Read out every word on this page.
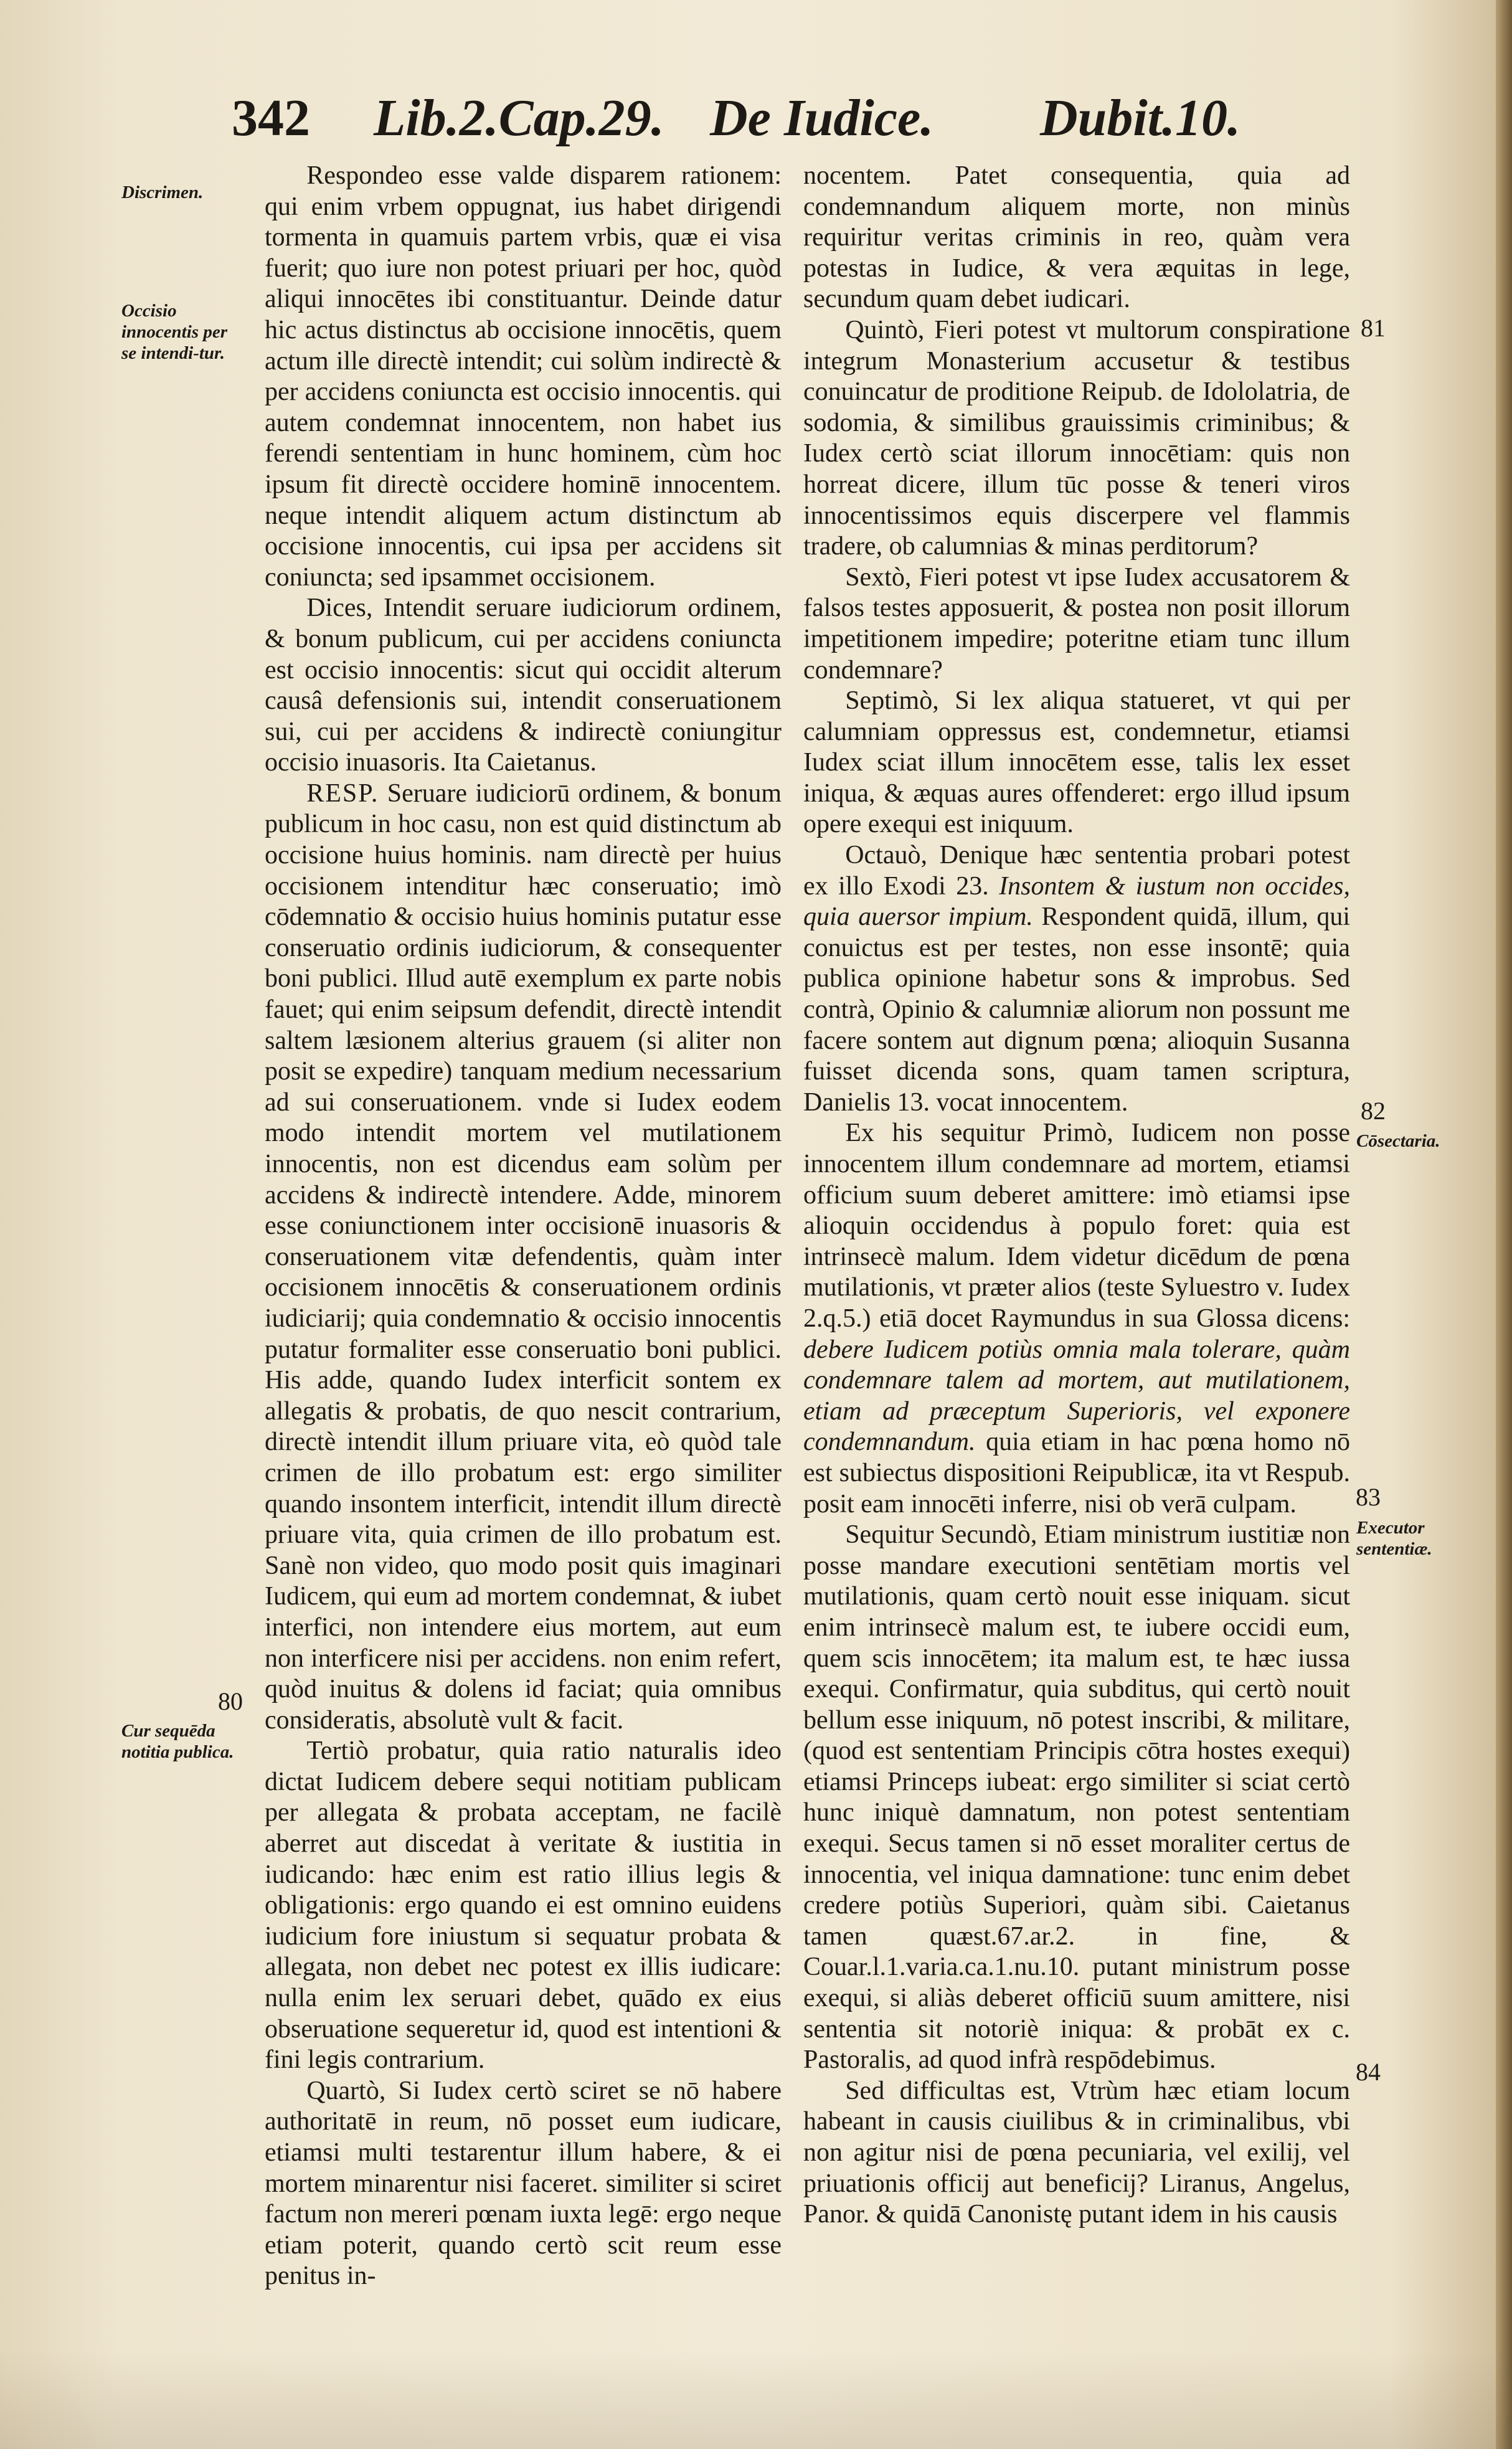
342 Lib.2.Cap.29. De Iudice. Dubit.10.

Respondeo esse valde disparem rationem: qui enim vrbem oppugnat, ius habet dirigendi tormenta in quamuis partem vrbis, quæ ei visa fuerit; quo iure non potest priuari per hoc, quòd aliqui innocētes ibi constituantur. Deinde datur hic actus distinctus ab occisione innocētis, quem actum ille directè intendit; cui solùm indirectè & per accidens coniuncta est occisio innocentis. qui autem condemnat innocentem, non habet ius ferendi sententiam in hunc hominem, cùm hoc ipsum fit directè occidere hominē innocentem. neque intendit aliquem actum distinctum ab occisione innocentis, cui ipsa per accidens sit coniuncta; sed ipsammet occisionem.

Dices, Intendit seruare iudiciorum ordinem, & bonum publicum, cui per accidens coniuncta est occisio innocentis: sicut qui occidit alterum causâ defensionis sui, intendit conseruationem sui, cui per accidens & indirectè coniungitur occisio inuasoris. Ita Caietanus.

RESP. Seruare iudiciorū ordinem, & bonum publicum in hoc casu, non est quid distinctum ab occisione huius hominis. nam directè per huius occisionem intenditur hæc conseruatio; imò cōdemnatio & occisio huius hominis putatur esse conseruatio ordinis iudiciorum, & consequenter boni publici. Illud autē exemplum ex parte nobis fauet; qui enim seipsum defendit, directè intendit saltem læsionem alterius grauem (si aliter non posit se expedire) tanquam medium necessarium ad sui conseruationem. vnde si Iudex eodem modo intendit mortem vel mutilationem innocentis, non est dicendus eam solùm per accidens & indirectè intendere. Adde, minorem esse coniunctionem inter occisionē inuasoris & conseruationem vitæ defendentis, quàm inter occisionem innocētis & conseruationem ordinis iudiciarij; quia condemnatio & occisio innocentis putatur formaliter esse conseruatio boni publici. His adde, quando Iudex interficit sontem ex allegatis & probatis, de quo nescit contrarium, directè intendit illum priuare vita, eò quòd tale crimen de illo probatum est: ergo similiter quando insontem interficit, intendit illum directè priuare vita, quia crimen de illo probatum est. Sanè non video, quo modo posit quis imaginari Iudicem, qui eum ad mortem condemnat, & iubet interfici, non intendere eius mortem, aut eum non interficere nisi per accidens. non enim refert, quòd inuitus & dolens id faciat; quia omnibus consideratis, absolutè vult & facit.

Tertiò probatur, quia ratio naturalis ideo dictat Iudicem debere sequi notitiam publicam per allegata & probata acceptam, ne facilè aberret aut discedat à veritate & iustitia in iudicando: hæc enim est ratio illius legis & obligationis: ergo quando ei est omnino euidens iudicium fore iniustum si sequatur probata & allegata, non debet nec potest ex illis iudicare: nulla enim lex seruari debet, quādo ex eius obseruatione sequeretur id, quod est intentioni & fini legis contrarium.

Quartò, Si Iudex certò sciret se nō habere authoritatē in reum, nō posset eum iudicare, etiamsi multi testarentur illum habere, & ei mortem minarentur nisi faceret. similiter si sciret factum non mereri pœnam iuxta legē: ergo neque etiam poterit, quando certò scit reum esse penitus in-

nocentem. Patet consequentia, quia ad condemnandum aliquem morte, non minùs requiritur veritas criminis in reo, quàm vera potestas in Iudice, & vera æquitas in lege, secundum quam debet iudicari.

Quintò, Fieri potest vt multorum conspiratione integrum Monasterium accusetur & testibus conuincatur de proditione Reipub. de Idololatria, de sodomia, & similibus grauissimis criminibus; & Iudex certò sciat illorum innocētiam: quis non horreat dicere, illum tūc posse & teneri viros innocentissimos equis discerpere vel flammis tradere, ob calumnias & minas perditorum?

Sextò, Fieri potest vt ipse Iudex accusatorem & falsos testes apposuerit, & postea non posit illorum impetitionem impedire; poteritne etiam tunc illum condemnare?

Septimò, Si lex aliqua statueret, vt qui per calumniam oppressus est, condemnetur, etiamsi Iudex sciat illum innocētem esse, talis lex esset iniqua, & æquas aures offenderet: ergo illud ipsum opere exequi est iniquum.

Octauò, Denique hæc sententia probari potest ex illo Exodi 23. Insontem & iustum non occides, quia auersor impium. Respondent quidā, illum, qui conuictus est per testes, non esse insontē; quia publica opinione habetur sons & improbus. Sed contrà, Opinio & calumniæ aliorum non possunt me facere sontem aut dignum pœna; alioquin Susanna fuisset dicenda sons, quam tamen scriptura, Danielis 13. vocat innocentem.

Ex his sequitur Primò, Iudicem non posse innocentem illum condemnare ad mortem, etiamsi officium suum deberet amittere: imò etiamsi ipse alioquin occidendus à populo foret: quia est intrinsecè malum. Idem videtur dicēdum de pœna mutilationis, vt præter alios (teste Syluestro v. Iudex 2.q.5.) etiā docet Raymundus in sua Glossa dicens: debere Iudicem potiùs omnia mala tolerare, quàm condemnare talem ad mortem, aut mutilationem, etiam ad præceptum Superioris, vel exponere condemnandum. quia etiam in hac pœna homo nō est subiectus dispositioni Reipublicæ, ita vt Respub. posit eam innocēti inferre, nisi ob verā culpam.

Sequitur Secundò, Etiam ministrum iustitiæ non posse mandare executioni sentētiam mortis vel mutilationis, quam certò nouit esse iniquam. sicut enim intrinsecè malum est, te iubere occidi eum, quem scis innocētem; ita malum est, te hæc iussa exequi. Confirmatur, quia subditus, qui certò nouit bellum esse iniquum, nō potest inscribi, & militare, (quod est sententiam Principis cōtra hostes exequi) etiamsi Princeps iubeat: ergo similiter si sciat certò hunc iniquè damnatum, non potest sententiam exequi. Secus tamen si nō esset moraliter certus de innocentia, vel iniqua damnatione: tunc enim debet credere potiùs Superiori, quàm sibi. Caietanus tamen quæst.67.ar.2. in fine, & Couar.l.1.varia.ca.1.nu.10. putant ministrum posse exequi, si aliàs deberet officiū suum amittere, nisi sententia sit notoriè iniqua: & probāt ex c. Pastoralis, ad quod infrà respōdebimus.

Sed difficultas est, Vtrùm hæc etiam locum habeant in causis ciuilibus & in criminalibus, vbi non agitur nisi de pœna pecuniaria, vel exilij, vel priuationis officij aut beneficij? Liranus, Angelus, Panor. & quidā Canonistę putant idem in his causis

Discrimen.
Occisio innocentis per se intendi-tur.
80
Cur sequēda notitia publica.
81
82
Cōsectaria.
83
Executor sententiæ.
84
